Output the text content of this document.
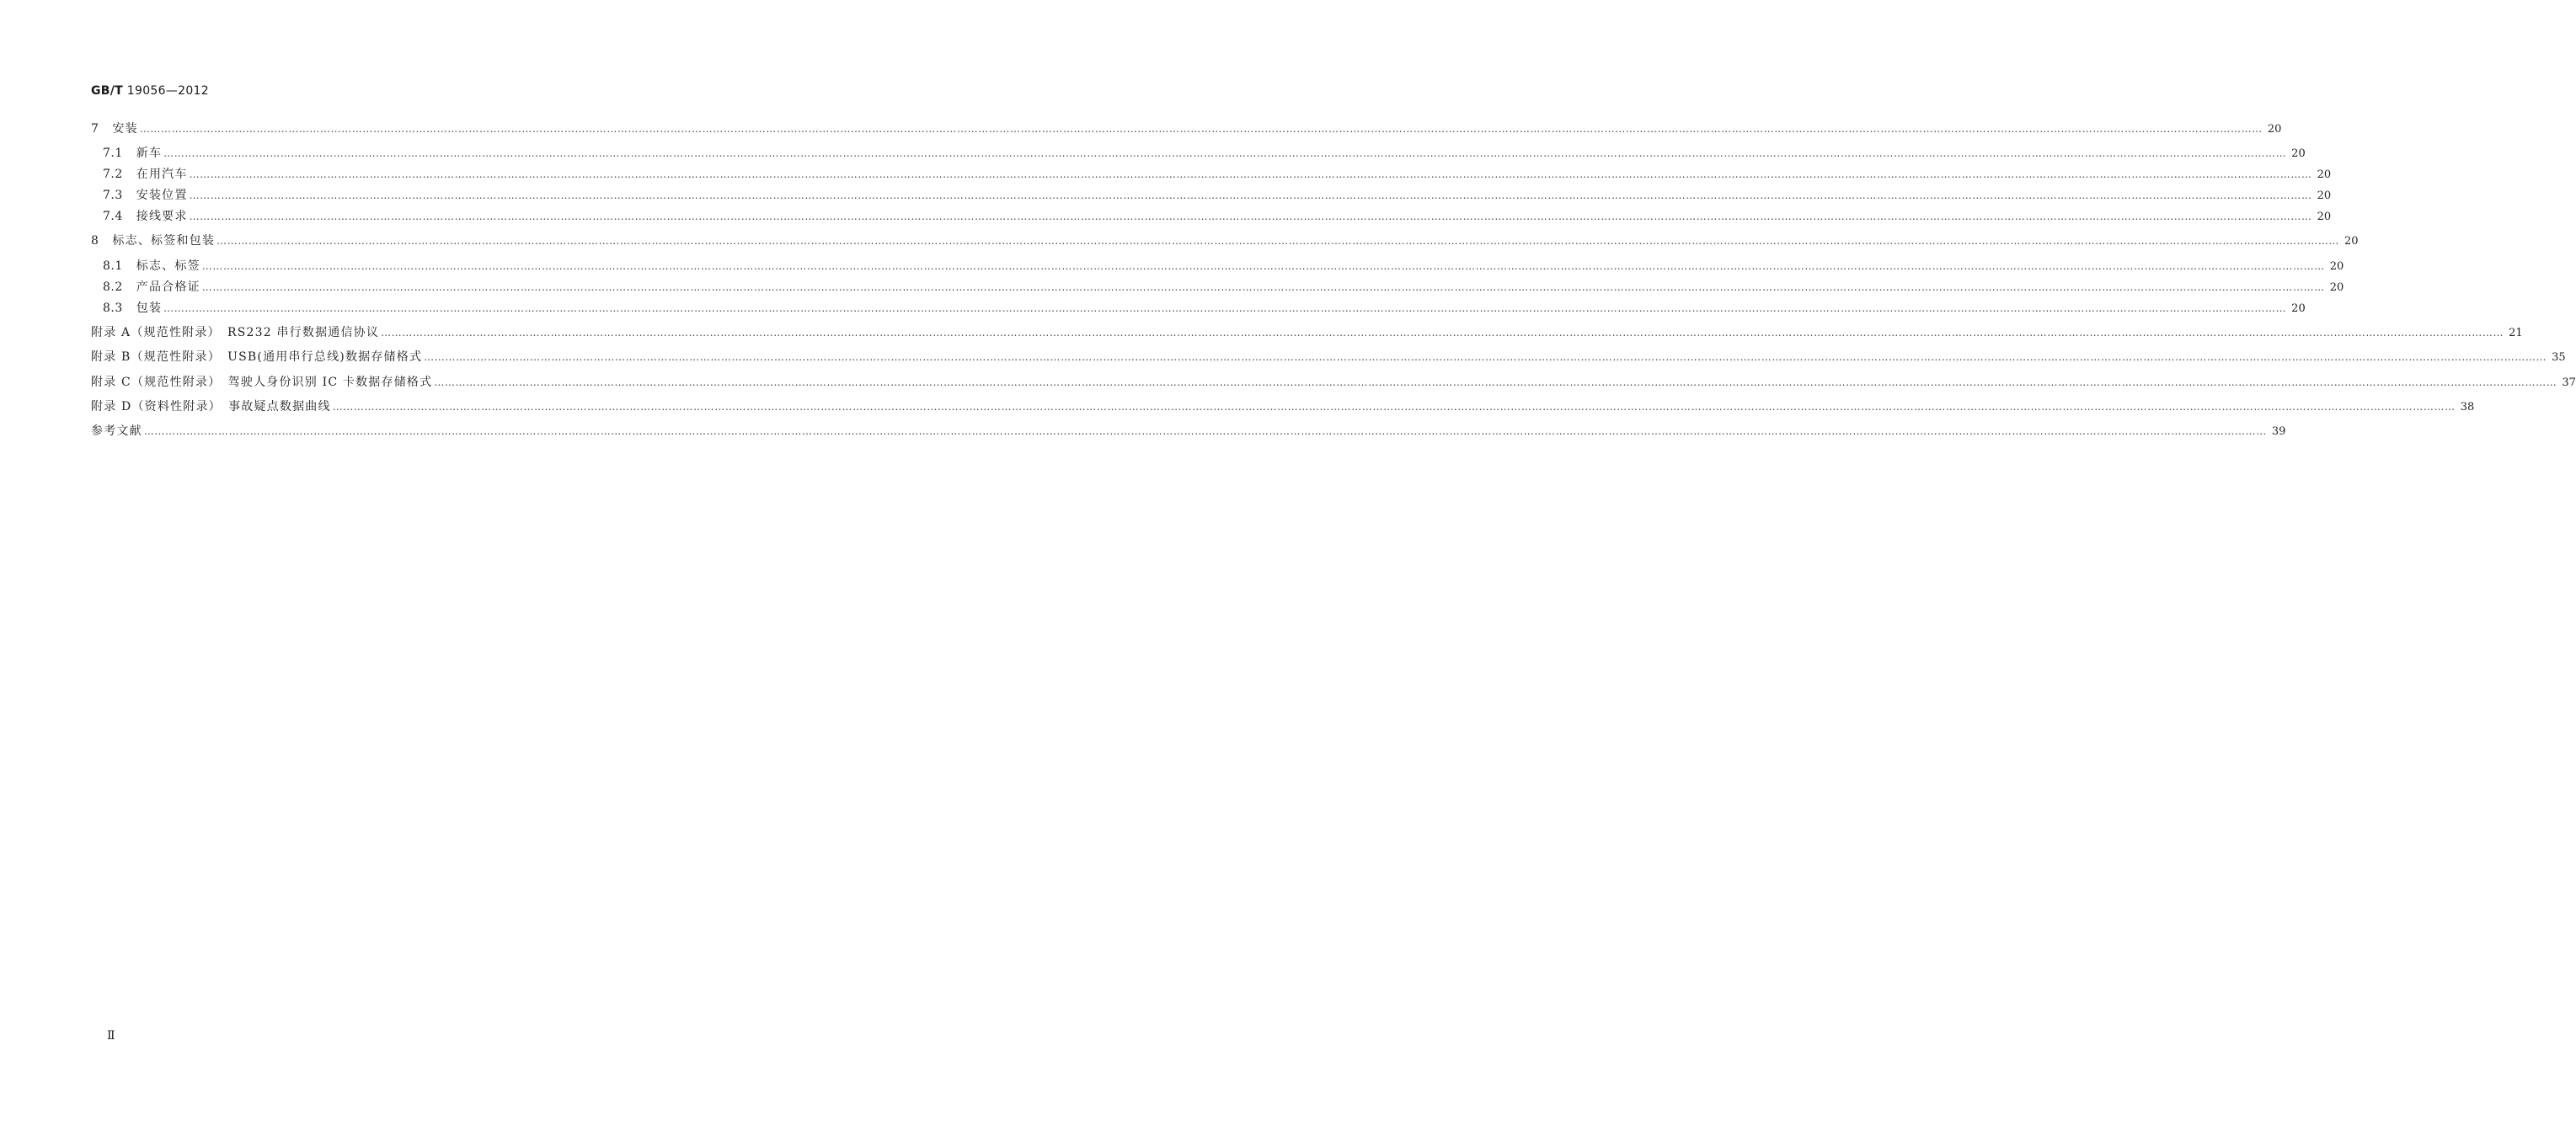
GB/T 19056—2012
7 安装 …………………………………………………………………………………………………………………………………………………………………………………………………………………………………………………………………………………………………………………………………………………………………………………………………………………………………………………………………………………………………………………………………………………… 20
7.1 新车 …………………………………………………………………………………………………………………………………………………………………………………………………………………………………………………………………………………………………………………………………………………………………………………………………………………………………………………………………………………………………………………………………………………… 20
7.2 在用汽车 …………………………………………………………………………………………………………………………………………………………………………………………………………………………………………………………………………………………………………………………………………………………………………………………………………………………………………………………………………………………………………………………………………………… 20
7.3 安装位置 …………………………………………………………………………………………………………………………………………………………………………………………………………………………………………………………………………………………………………………………………………………………………………………………………………………………………………………………………………………………………………………………………………………… 20
7.4 接线要求 …………………………………………………………………………………………………………………………………………………………………………………………………………………………………………………………………………………………………………………………………………………………………………………………………………………………………………………………………………………………………………………………………………………… 20
8 标志、标签和包装 …………………………………………………………………………………………………………………………………………………………………………………………………………………………………………………………………………………………………………………………………………………………………………………………………………………………………………………………………………………………………………………………………………………… 20
8.1 标志、标签 …………………………………………………………………………………………………………………………………………………………………………………………………………………………………………………………………………………………………………………………………………………………………………………………………………………………………………………………………………………………………………………………………………………… 20
8.2 产品合格证 …………………………………………………………………………………………………………………………………………………………………………………………………………………………………………………………………………………………………………………………………………………………………………………………………………………………………………………………………………………………………………………………………………………… 20
8.3 包装 …………………………………………………………………………………………………………………………………………………………………………………………………………………………………………………………………………………………………………………………………………………………………………………………………………………………………………………………………………………………………………………………………………………… 20
附录 A（规范性附录）　RS232 串行数据通信协议 …………………………………………………………………………………………………………………………………………………………………………………………………………………………………………………………………………………………………………………………………………………………………………………………………………………………………………………………………………………………………………………………………………………… 21
附录 B（规范性附录）　USB(通用串行总线)数据存储格式 …………………………………………………………………………………………………………………………………………………………………………………………………………………………………………………………………………………………………………………………………………………………………………………………………………………………………………………………………………………………………………………………………………………… 35
附录 C（规范性附录）　驾驶人身份识别 IC 卡数据存储格式 …………………………………………………………………………………………………………………………………………………………………………………………………………………………………………………………………………………………………………………………………………………………………………………………………………………………………………………………………………………………………………………………………………………… 37
附录 D（资料性附录）　事故疑点数据曲线 …………………………………………………………………………………………………………………………………………………………………………………………………………………………………………………………………………………………………………………………………………………………………………………………………………………………………………………………………………………………………………………………………………………… 38
参考文献 …………………………………………………………………………………………………………………………………………………………………………………………………………………………………………………………………………………………………………………………………………………………………………………………………………………………………………………………………………………………………………………………………………………… 39
Ⅱ
